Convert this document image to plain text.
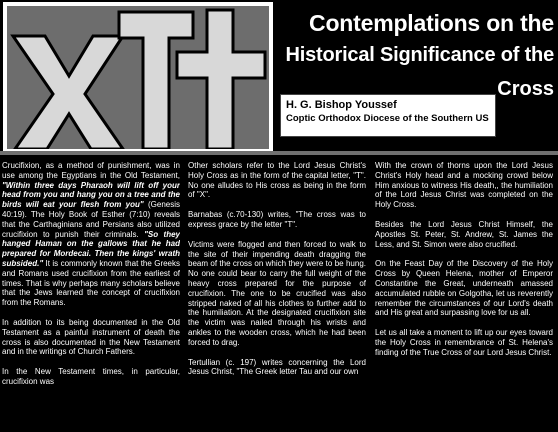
Contemplations on the
Historical Significance of the
Cross
H. G. Bishop Youssef
Coptic Orthodox Diocese of the Southern US

Crucifixion, as a method of punishment, was in use among the Egyptians in the Old Testament, "Within three days Pharaoh will lift off your head from you and hang you on a tree and the birds will eat your flesh from you" (Genesis 40:19). The Holy Book of Esther (7:10) reveals that the Carthaginians and Persians also utilized crucifixion to punish their criminals. "So they hanged Haman on the gallows that he had prepared for Mordecai. Then the kings' wrath subsided." It is commonly known that the Greeks and Romans used crucifixion from the earliest of times. That is why perhaps many scholars believe that the Jews learned the concept of crucifixion from the Romans.

In addition to its being documented in the Old Testament as a painful instrument of death the cross is also documented in the New Testament and in the writings of Church Fathers.

In the New Testament times, in particular, crucifixion was

Other scholars refer to the Lord Jesus Christ's Holy Cross as in the form of the capital letter, "T". No one alludes to His cross as being in the form of "X".

Barnabas (c.70-130) writes, "The cross was to express grace by the letter "T".

Victims were flogged and then forced to walk to the site of their impending death dragging the beam of the cross on which they were to be hung. No one could bear to carry the full weight of the heavy cross prepared for the purpose of crucifixion. The one to be crucified was also stripped naked of all his clothes to further add to the humiliation. At the designated crucifixion site the victim was nailed through his wrists and ankles to the wooden cross, which he had been forced to drag.

Tertullian (c. 197) writes concerning the Lord Jesus Christ, "The Greek letter Tau and our own

With the crown of thorns upon the Lord Jesus Christ's Holy head and a mocking crowd below Him anxious to witness His death,, the humiliation of the Lord Jesus Christ was completed on the Holy Cross.

Besides the Lord Jesus Christ Himself, the Apostles St. Peter, St. Andrew, St. James the Less, and St. Simon were also crucified.

On the Feast Day of the Discovery of the Holy Cross by Queen Helena, mother of Emperor Constantine the Great, underneath amassed accumulated rubble on Golgotha, let us reverently remember the circumstances of our Lord's death and His great and surpassing love for us all.

Let us all take a moment to lift up our eyes toward the Holy Cross in remembrance of St. Helena's finding of the True Cross of our Lord Jesus Christ.
